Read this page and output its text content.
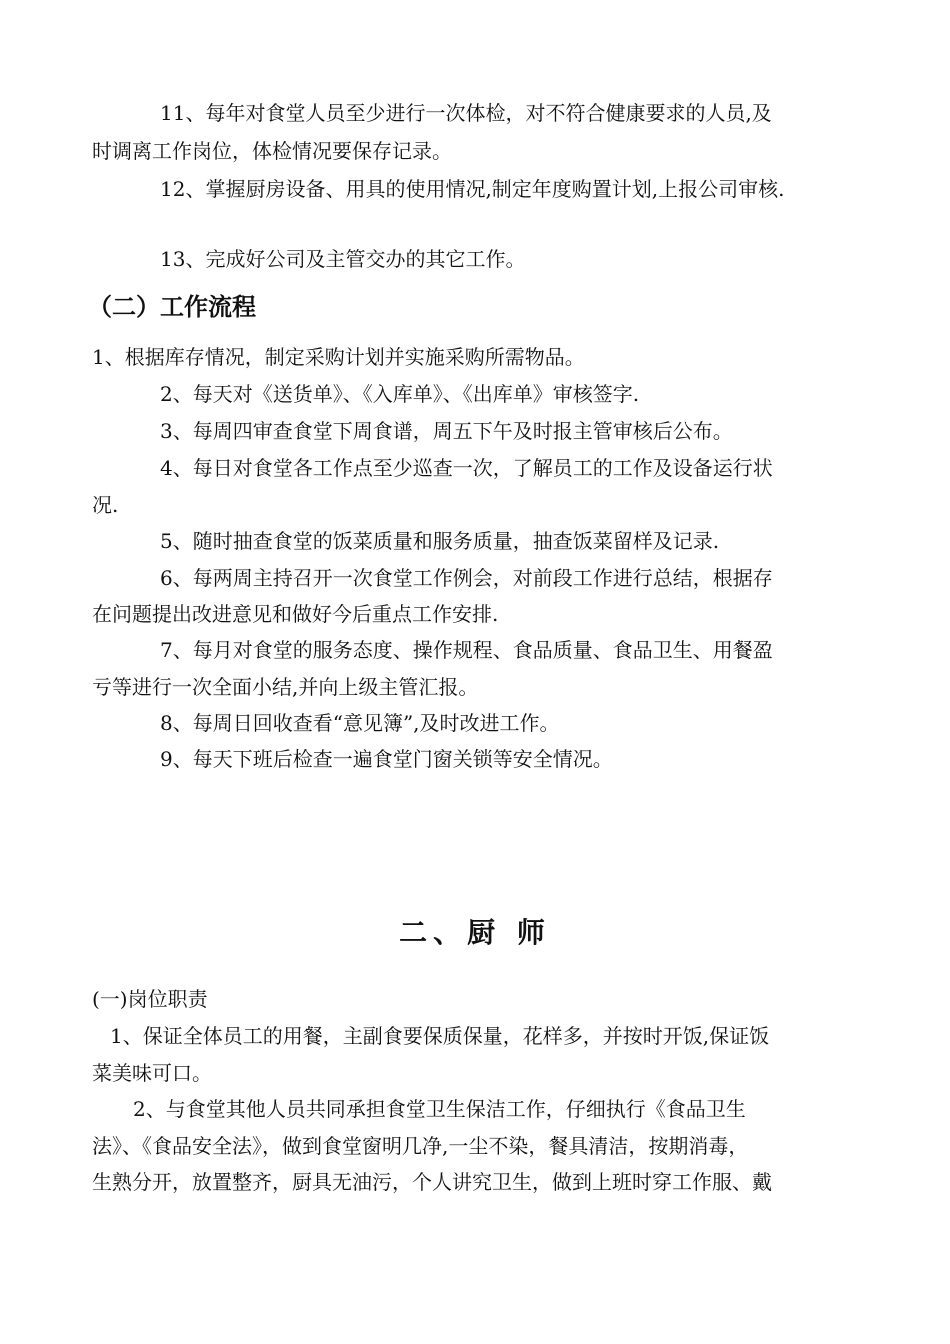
11、每年对食堂人员至少进行一次体检，对不符合健康要求的人员,及
时调离工作岗位，体检情况要保存记录。
12、掌握厨房设备、用具的使用情况,制定年度购置计划,上报公司审核.
13、完成好公司及主管交办的其它工作。
（二）工作流程
1、根据库存情况，制定采购计划并实施采购所需物品。
2、每天对《送货单》、《入库单》、《出库单》审核签字.
3、每周四审查食堂下周食谱，周五下午及时报主管审核后公布。
4、每日对食堂各工作点至少巡查一次，了解员工的工作及设备运行状
况.
5、随时抽查食堂的饭菜质量和服务质量，抽查饭菜留样及记录.
6、每两周主持召开一次食堂工作例会，对前段工作进行总结，根据存
在问题提出改进意见和做好今后重点工作安排.
7、每月对食堂的服务态度、操作规程、食品质量、食品卫生、用餐盈
亏等进行一次全面小结,并向上级主管汇报。
8、每周日回收查看“意见簿”,及时改进工作。
9、每天下班后检查一遍食堂门窗关锁等安全情况。
二、厨 师
(一)岗位职责
1、保证全体员工的用餐，主副食要保质保量，花样多，并按时开饭,保证饭
菜美味可口。
2、与食堂其他人员共同承担食堂卫生保洁工作，仔细执行《食品卫生
法》、《食品安全法》，做到食堂窗明几净,一尘不染，餐具清洁，按期消毒，
生熟分开，放置整齐，厨具无油污，个人讲究卫生，做到上班时穿工作服、戴
